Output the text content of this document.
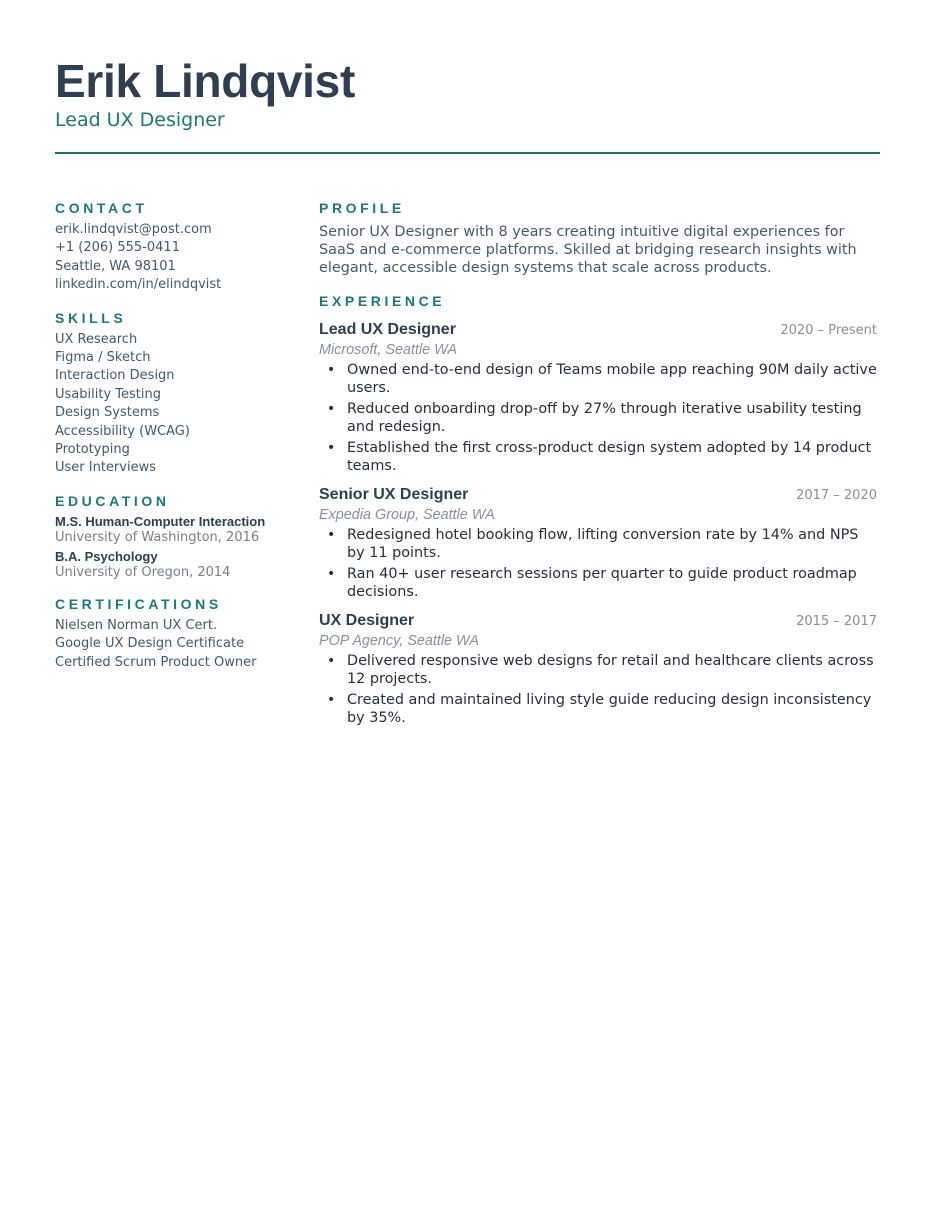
Erik Lindqvist
Lead UX Designer
CONTACT
erik.lindqvist@post.com
+1 (206) 555-0411
Seattle, WA 98101
linkedin.com/in/elindqvist
SKILLS
UX Research
Figma / Sketch
Interaction Design
Usability Testing
Design Systems
Accessibility (WCAG)
Prototyping
User Interviews
EDUCATION
M.S. Human-Computer Interaction
University of Washington, 2016
B.A. Psychology
University of Oregon, 2014
CERTIFICATIONS
Nielsen Norman UX Cert.
Google UX Design Certificate
Certified Scrum Product Owner
PROFILE
Senior UX Designer with 8 years creating intuitive digital experiences for SaaS and e-commerce platforms. Skilled at bridging research insights with elegant, accessible design systems that scale across products.
EXPERIENCE
Lead UX Designer	2020 – Present
Microsoft, Seattle WA
• Owned end-to-end design of Teams mobile app reaching 90M daily active users.
• Reduced onboarding drop-off by 27% through iterative usability testing and redesign.
• Established the first cross-product design system adopted by 14 product teams.
Senior UX Designer	2017 – 2020
Expedia Group, Seattle WA
• Redesigned hotel booking flow, lifting conversion rate by 14% and NPS by 11 points.
• Ran 40+ user research sessions per quarter to guide product roadmap decisions.
UX Designer	2015 – 2017
POP Agency, Seattle WA
• Delivered responsive web designs for retail and healthcare clients across 12 projects.
• Created and maintained living style guide reducing design inconsistency by 35%.
